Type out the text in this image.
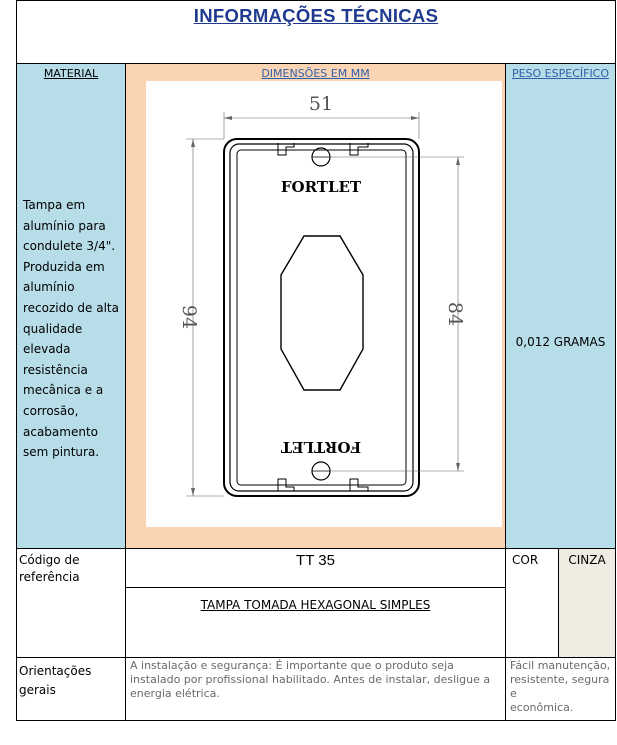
INFORMAÇÕES TÉCNICAS
MATERIAL
Tampa em
alumínio para
condulete 3/4".
Produzida em
alumínio
recozido de alta
qualidade
elevada
resistência
mecânica e a
corrosão,
acabamento
sem pintura.
DIMENSÕES EM MM
51
94	84
FORTLET
FORTLET
PESO ESPECÍFICO
0,012 GRAMAS
Código de
referência
TT 35
TAMPA TOMADA HEXAGONAL SIMPLES
COR	CINZA
Orientações
gerais
A instalação e segurança: É importante que o produto seja
instalado por profissional habilitado. Antes de instalar, desligue a
energia elétrica.
Fácil manutenção,
resistente, segura e
econômica.
